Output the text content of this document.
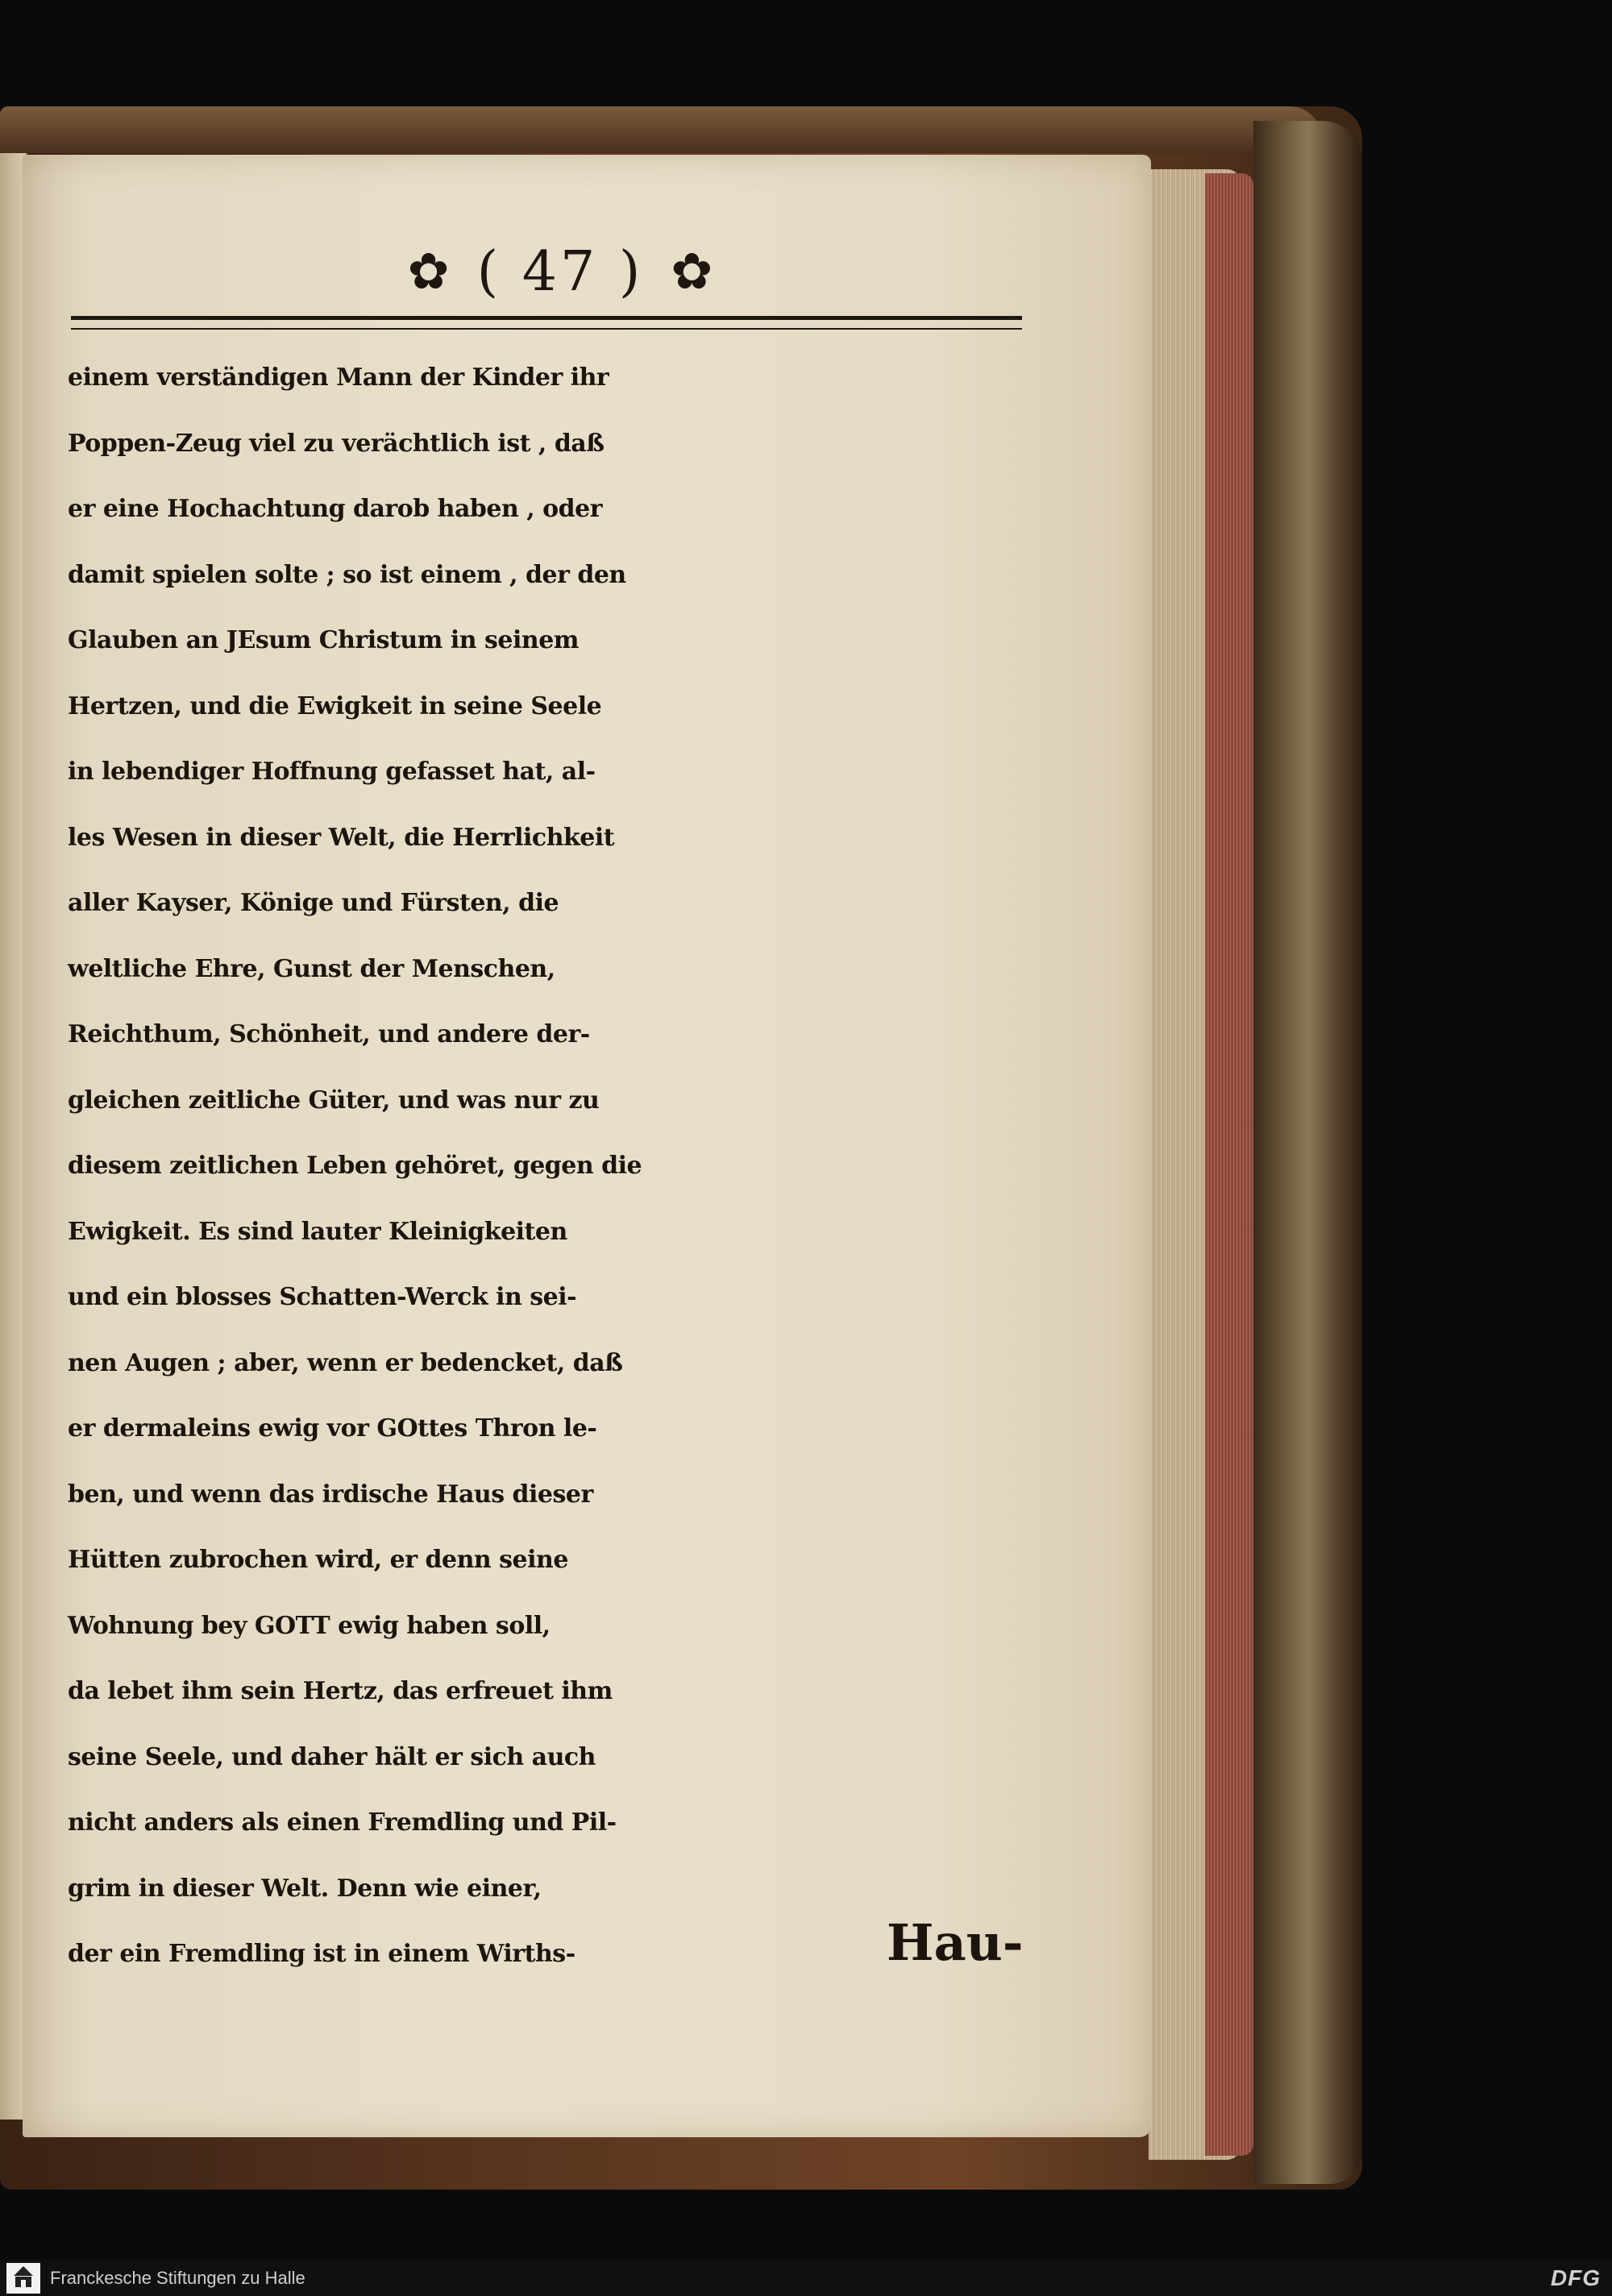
✿ ( 47 ) ✿
einem verständigen Mann der Kinder ihr
Poppen-Zeug viel zu verächtlich ist , daß
er eine Hochachtung darob haben , oder
damit spielen solte ; so ist einem , der den
Glauben an JEsum Christum in seinem
Hertzen, und die Ewigkeit in seine Seele
in lebendiger Hoffnung gefasset hat, al-
les Wesen in dieser Welt, die Herrlichkeit
aller Kayser, Könige und Fürsten, die
weltliche Ehre, Gunst der Menschen,
Reichthum, Schönheit, und andere der-
gleichen zeitliche Güter, und was nur zu
diesem zeitlichen Leben gehöret, gegen die
Ewigkeit. Es sind lauter Kleinigkeiten
und ein blosses Schatten-Werck in sei-
nen Augen ; aber, wenn er bedencket, daß
er dermaleins ewig vor GOttes Thron le-
ben, und wenn das irdische Haus dieser
Hütten zubrochen wird, er denn seine
Wohnung bey GOTT ewig haben soll,
da lebet ihm sein Hertz, das erfreuet ihm
seine Seele, und daher hält er sich auch
nicht anders als einen Fremdling und Pil-
grim in dieser Welt. Denn wie einer,
der ein Fremdling ist in einem Wirths-	Hau-
Franckesche Stiftungen zu Halle	DFG
